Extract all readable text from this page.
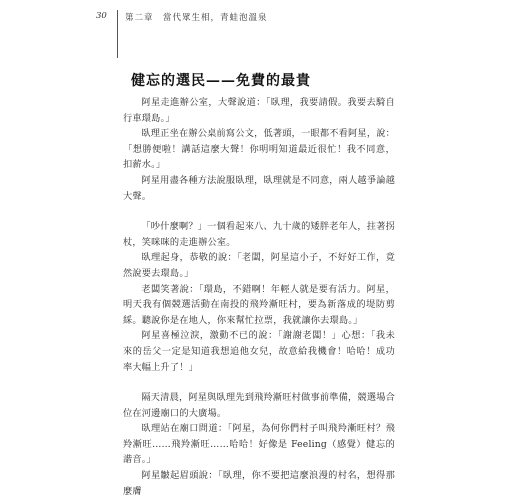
30 第二章　當代眾生相，青蛙泡溫泉
健忘的選民——免費的最貴

阿星走進辦公室，大聲說道：「臥理，我要請假。我要去騎自行車環島。」

臥理正坐在辦公桌前寫公文，低著頭，一眼都不看阿星，說：「想勝便啦！講話這麼大聲！你明明知道最近很忙！我不同意，扣薪水。」

阿星用盡各種方法說服臥理，臥理就是不同意，兩人越爭論越大聲。

「吵什麼啊？」一個看起來八、九十歲的矮胖老年人，拄著拐杖，笑咪咪的走進辦公室。

臥理起身，恭敬的說：「老闆，阿星這小子，不好好工作，竟然說要去環島。」

老闆笑著說：「環島，不錯啊！年輕人就是要有活力。阿星，明天我有個競選活動在南投的飛羚漸旺村，要為新落成的堤防剪綵。聽說你是在地人，你來幫忙拉票，我就讓你去環島。」

阿星喜極泣淚，激動不已的說：「謝謝老闆！」心想：「我未來的岳父一定是知道我想追他女兒，故意給我機會！哈哈！成功率大幅上升了！」

隔天清晨，阿星與臥理先到飛羚漸旺村做事前準備，競選場合位在河邊廟口的大廣場。

臥理站在廟口問道：「阿星，為何你們村子叫飛羚漸旺村？飛羚漸旺……飛羚漸旺……哈哈！好像是 Feeling（感覺）健忘的諧音。」

阿星皺起眉頭說：「臥理，你不要把這麼浪漫的村名，想得那麼膚
